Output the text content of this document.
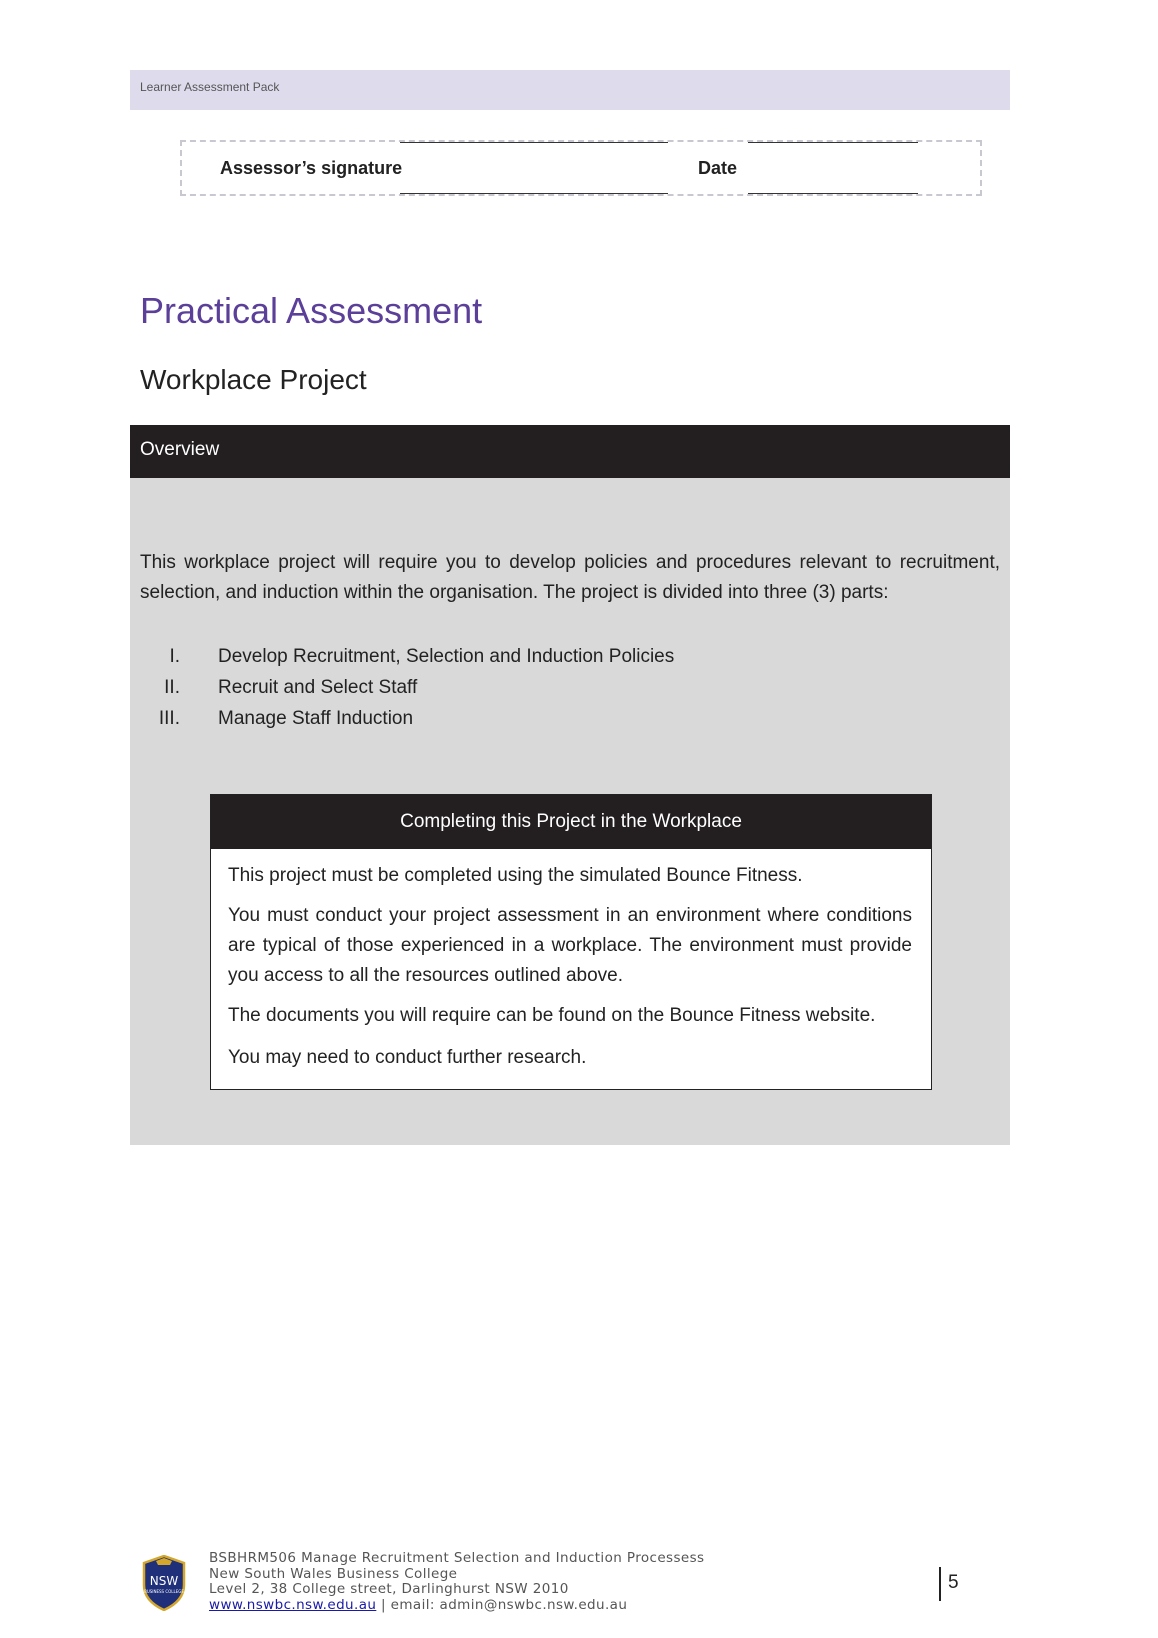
Learner Assessment Pack
Assessor’s signature	Date
Practical Assessment
Workplace Project
Overview
This workplace project will require you to develop policies and procedures relevant to recruitment, selection, and induction within the organisation. The project is divided into three (3) parts:
I. Develop Recruitment, Selection and Induction Policies
II. Recruit and Select Staff
III. Manage Staff Induction
Completing this Project in the Workplace

This project must be completed using the simulated Bounce Fitness.

You must conduct your project assessment in an environment where conditions are typical of those experienced in a workplace. The environment must provide you access to all the resources outlined above.

The documents you will require can be found on the Bounce Fitness website.

You may need to conduct further research.

NSW
BUSINESS COLLEGE
BSBHRM506 Manage Recruitment Selection and Induction Processess
New South Wales Business College
Level 2, 38 College street, Darlinghurst NSW 2010
www.nswbc.nsw.edu.au | email: admin@nswbc.nsw.edu.au
5
